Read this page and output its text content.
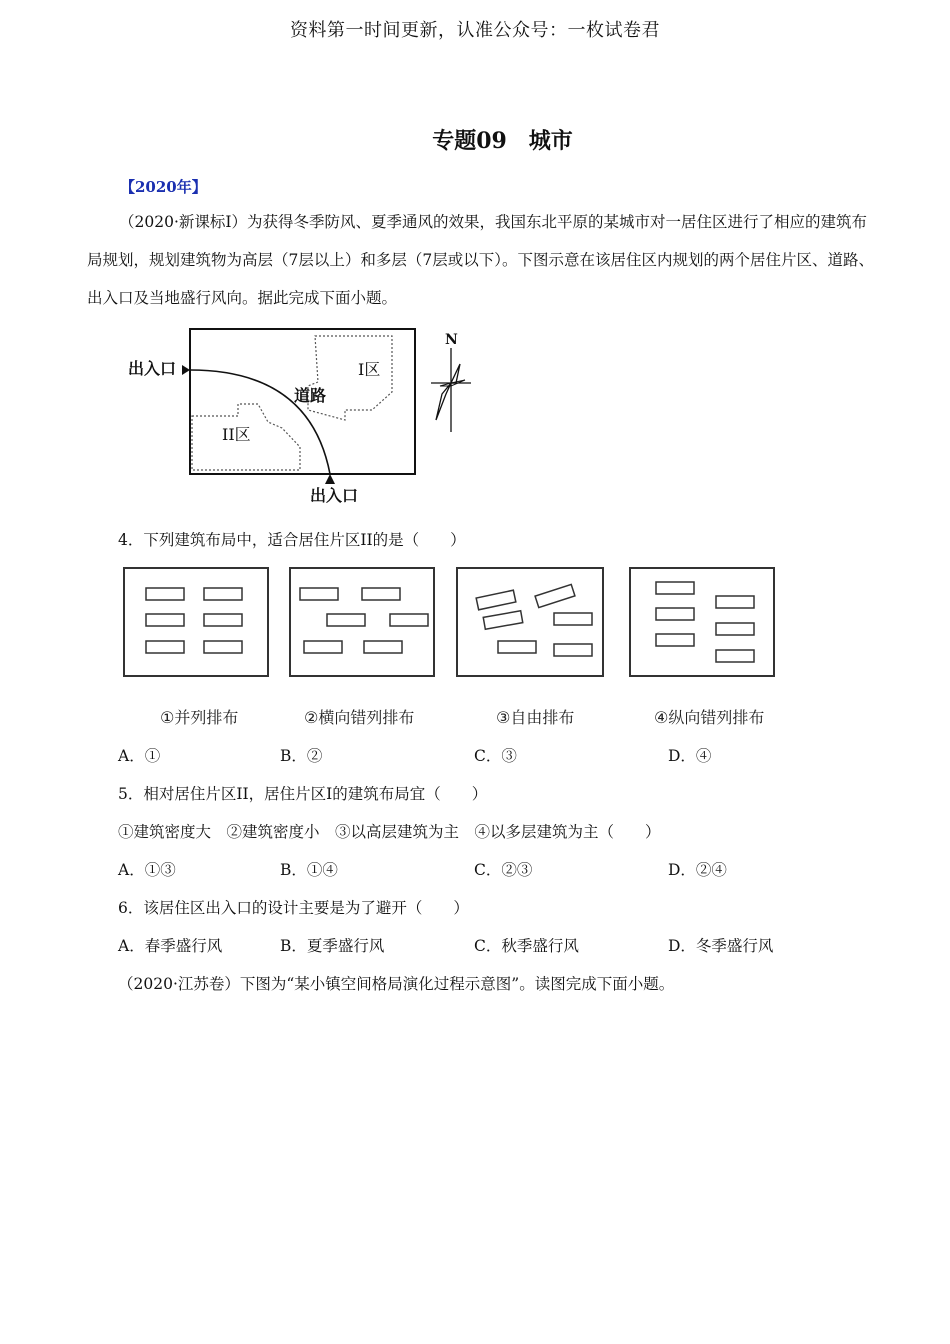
资料第一时间更新，认准公众号：一枚试卷君
专题09　城市
【2020年】
（2020·新课标I）为获得冬季防风、夏季通风的效果，我国东北平原的某城市对一居住区进行了相应的建筑布局规划，规划建筑物为高层（7层以上）和多层（7层或以下）。下图示意在该居住区内规划的两个居住片区、道路、出入口及当地盛行风向。据此完成下面小题。
出入口
出入口
I区
II区
道路
N
4．下列建筑布局中，适合居住片区II的是（　　）
①并列排布	②横向错列排布	③自由排布	④纵向错列排布
A．①	B．②	C．③	D．④
5．相对居住片区II，居住片区I的建筑布局宜（　　）
①建筑密度大　②建筑密度小　③以高层建筑为主　④以多层建筑为主（　　）
A．①③	B．①④	C．②③	D．②④
6．该居住区出入口的设计主要是为了避开（　　）
A．春季盛行风	B．夏季盛行风	C．秋季盛行风	D．冬季盛行风
（2020·江苏卷）下图为“某小镇空间格局演化过程示意图”。读图完成下面小题。
